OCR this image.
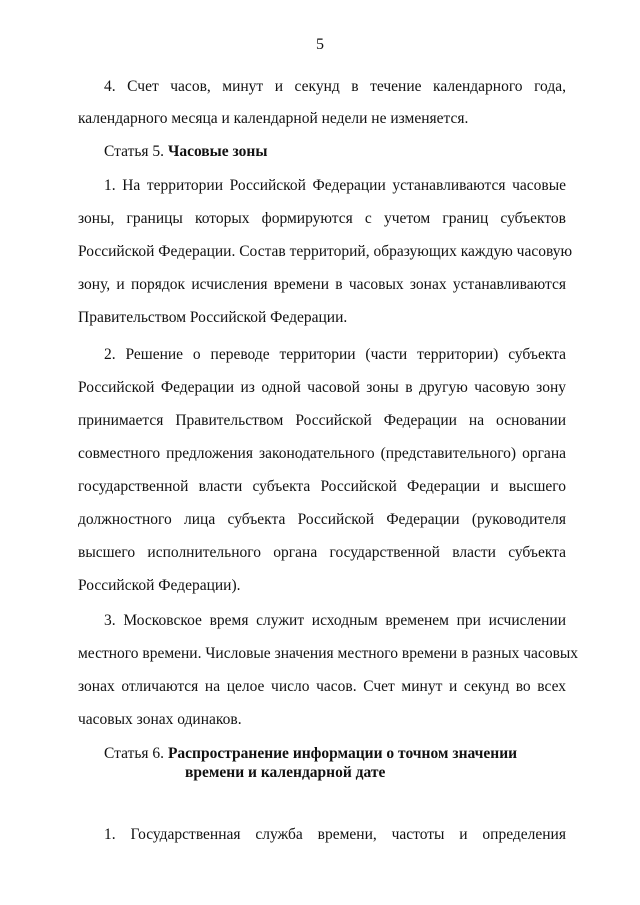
5
4. Счет часов, минут и секунд в течение календарного года,
календарного месяца и календарной недели не изменяется.
Статья 5. Часовые зоны
1. На территории Российской Федерации устанавливаются часовые
зоны, границы которых формируются с учетом границ субъектов
Российской Федерации. Состав территорий, образующих каждую часовую
зону, и порядок исчисления времени в часовых зонах устанавливаются
Правительством Российской Федерации.
2. Решение о переводе территории (части территории) субъекта
Российской Федерации из одной часовой зоны в другую часовую зону
принимается Правительством Российской Федерации на основании
совместного предложения законодательного (представительного) органа
государственной власти субъекта Российской Федерации и высшего
должностного лица субъекта Российской Федерации (руководителя
высшего исполнительного органа государственной власти субъекта
Российской Федерации).
3. Московское время служит исходным временем при исчислении
местного времени. Числовые значения местного времени в разных часовых
зонах отличаются на целое число часов. Счет минут и секунд во всех
часовых зонах одинаков.
Статья 6. Распространение информации о точном значении
времени и календарной дате
1. Государственная служба времени, частоты и определения
